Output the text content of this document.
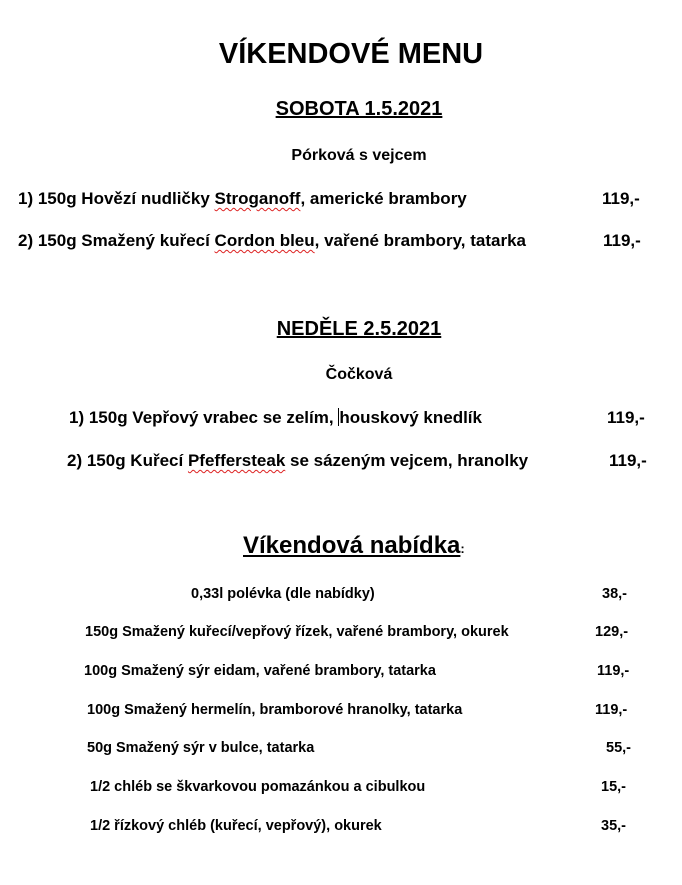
VÍKENDOVÉ MENU
SOBOTA 1.5.2021
Pórková s vejcem
1) 150g Hovězí nudličky Stroganoff, americké brambory	119,-
2) 150g Smažený kuřecí Cordon bleu, vařené brambory, tatarka	119,-
NEDĚLE 2.5.2021
Čočková
1) 150g Vepřový vrabec se zelím, houskový knedlík	119,-
2) 150g Kuřecí Pfeffersteak se sázeným vejcem, hranolky	119,-
Víkendová nabídka:
0,33l polévka (dle nabídky)	38,-
150g Smažený kuřecí/vepřový řízek, vařené brambory, okurek	129,-
100g Smažený sýr eidam, vařené brambory, tatarka	119,-
100g Smažený hermelín, bramborové hranolky, tatarka	119,-
50g Smažený sýr v bulce, tatarka	55,-
1/2 chléb se škvarkovou pomazánkou a cibulkou	15,-
1/2 řízkový chléb (kuřecí, vepřový), okurek	35,-
